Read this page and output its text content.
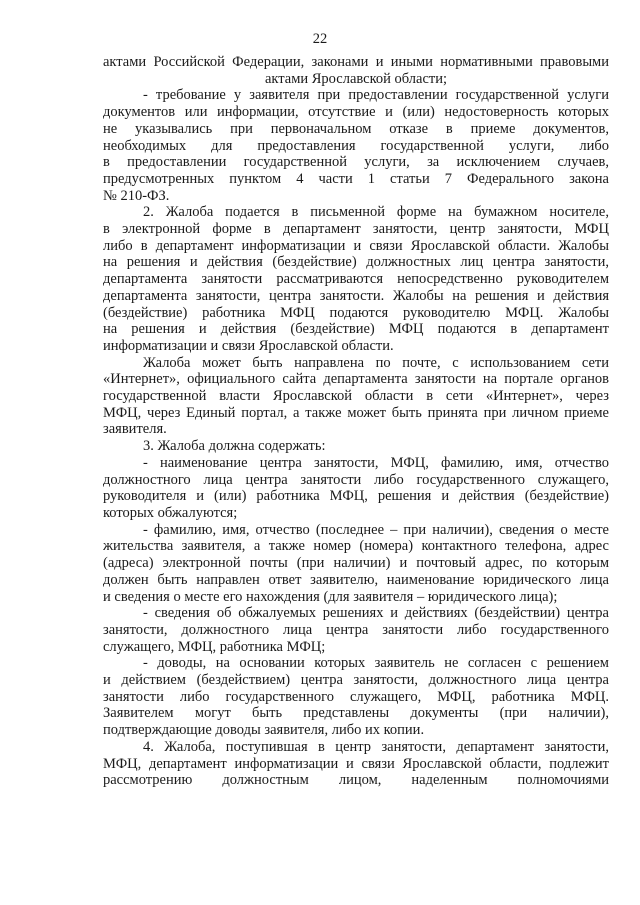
22
актами Российской Федерации, законами и иными нормативными правовыми
актами Ярославской области;
- требование у заявителя при предоставлении государственной услуги
документов или информации, отсутствие и (или) недостоверность которых
не указывались при первоначальном отказе в приеме документов,
необходимых для предоставления государственной услуги, либо
в предоставлении государственной услуги, за исключением случаев,
предусмотренных пунктом 4 части 1 статьи 7 Федерального закона
№ 210-ФЗ.
2. Жалоба подается в письменной форме на бумажном носителе,
в электронной форме в департамент занятости, центр занятости, МФЦ
либо в департамент информатизации и связи Ярославской области. Жалобы
на решения и действия (бездействие) должностных лиц центра занятости,
департамента занятости рассматриваются непосредственно руководителем
департамента занятости, центра занятости. Жалобы на решения и действия
(бездействие) работника МФЦ подаются руководителю МФЦ. Жалобы
на решения и действия (бездействие) МФЦ подаются в департамент
информатизации и связи Ярославской области.
Жалоба может быть направлена по почте, с использованием сети
«Интернет», официального сайта департамента занятости на портале органов
государственной власти Ярославской области в сети «Интернет», через
МФЦ, через Единый портал, а также может быть принята при личном приеме
заявителя.
3. Жалоба должна содержать:
- наименование центра занятости, МФЦ, фамилию, имя, отчество
должностного лица центра занятости либо государственного служащего,
руководителя и (или) работника МФЦ, решения и действия (бездействие)
которых обжалуются;
- фамилию, имя, отчество (последнее – при наличии), сведения о месте
жительства заявителя, а также номер (номера) контактного телефона, адрес
(адреса) электронной почты (при наличии) и почтовый адрес, по которым
должен быть направлен ответ заявителю, наименование юридического лица
и сведения о месте его нахождения (для заявителя – юридического лица);
- сведения об обжалуемых решениях и действиях (бездействии) центра
занятости, должностного лица центра занятости либо государственного
служащего, МФЦ, работника МФЦ;
- доводы, на основании которых заявитель не согласен с решением
и действием (бездействием) центра занятости, должностного лица центра
занятости либо государственного служащего, МФЦ, работника МФЦ.
Заявителем могут быть представлены документы (при наличии),
подтверждающие доводы заявителя, либо их копии.
4. Жалоба, поступившая в центр занятости, департамент занятости,
МФЦ, департамент информатизации и связи Ярославской области, подлежит
рассмотрению должностным лицом, наделенным полномочиями
